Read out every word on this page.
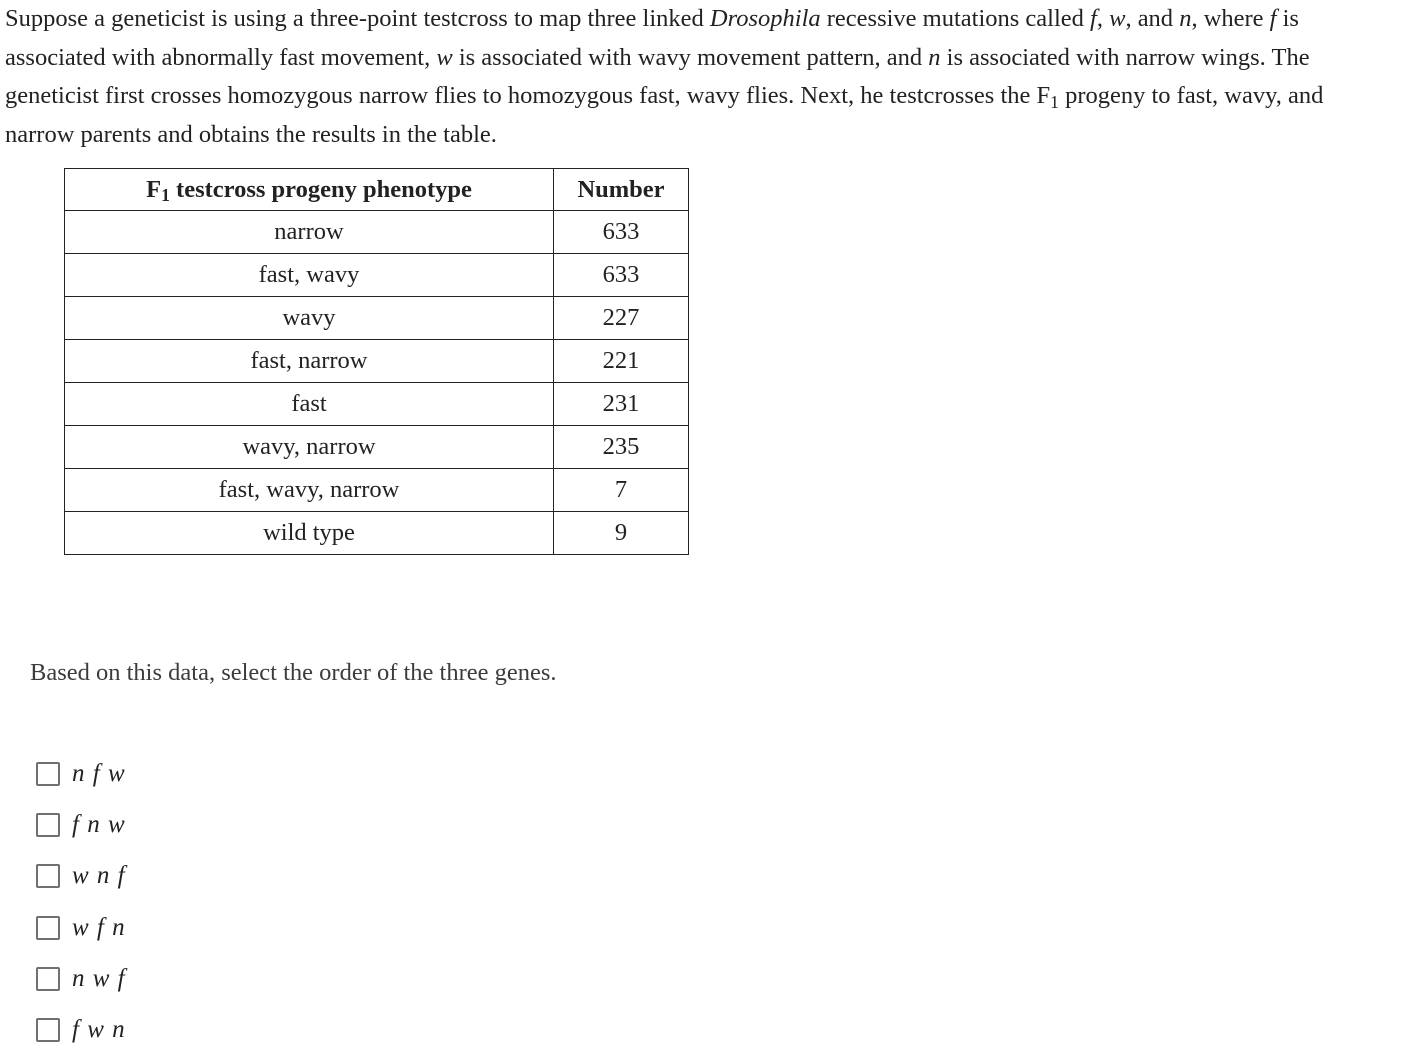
Suppose a geneticist is using a three-point testcross to map three linked Drosophila recessive mutations called f, w, and n, where f is associated with abnormally fast movement, w is associated with wavy movement pattern, and n is associated with narrow wings. The geneticist first crosses homozygous narrow flies to homozygous fast, wavy flies. Next, he testcrosses the $F_1$ progeny to fast, wavy, and narrow parents and obtains the results in the table.
$F_1$ testcross progeny phenotype	Number
narrow	633
fast, wavy	633
wavy	227
fast, narrow	221
fast	231
wavy, narrow	235
fast, wavy, narrow	7
wild type	9
Based on this data, select the order of the three genes.
n f w
f n w
w n f
w f n
n w f
f w n
